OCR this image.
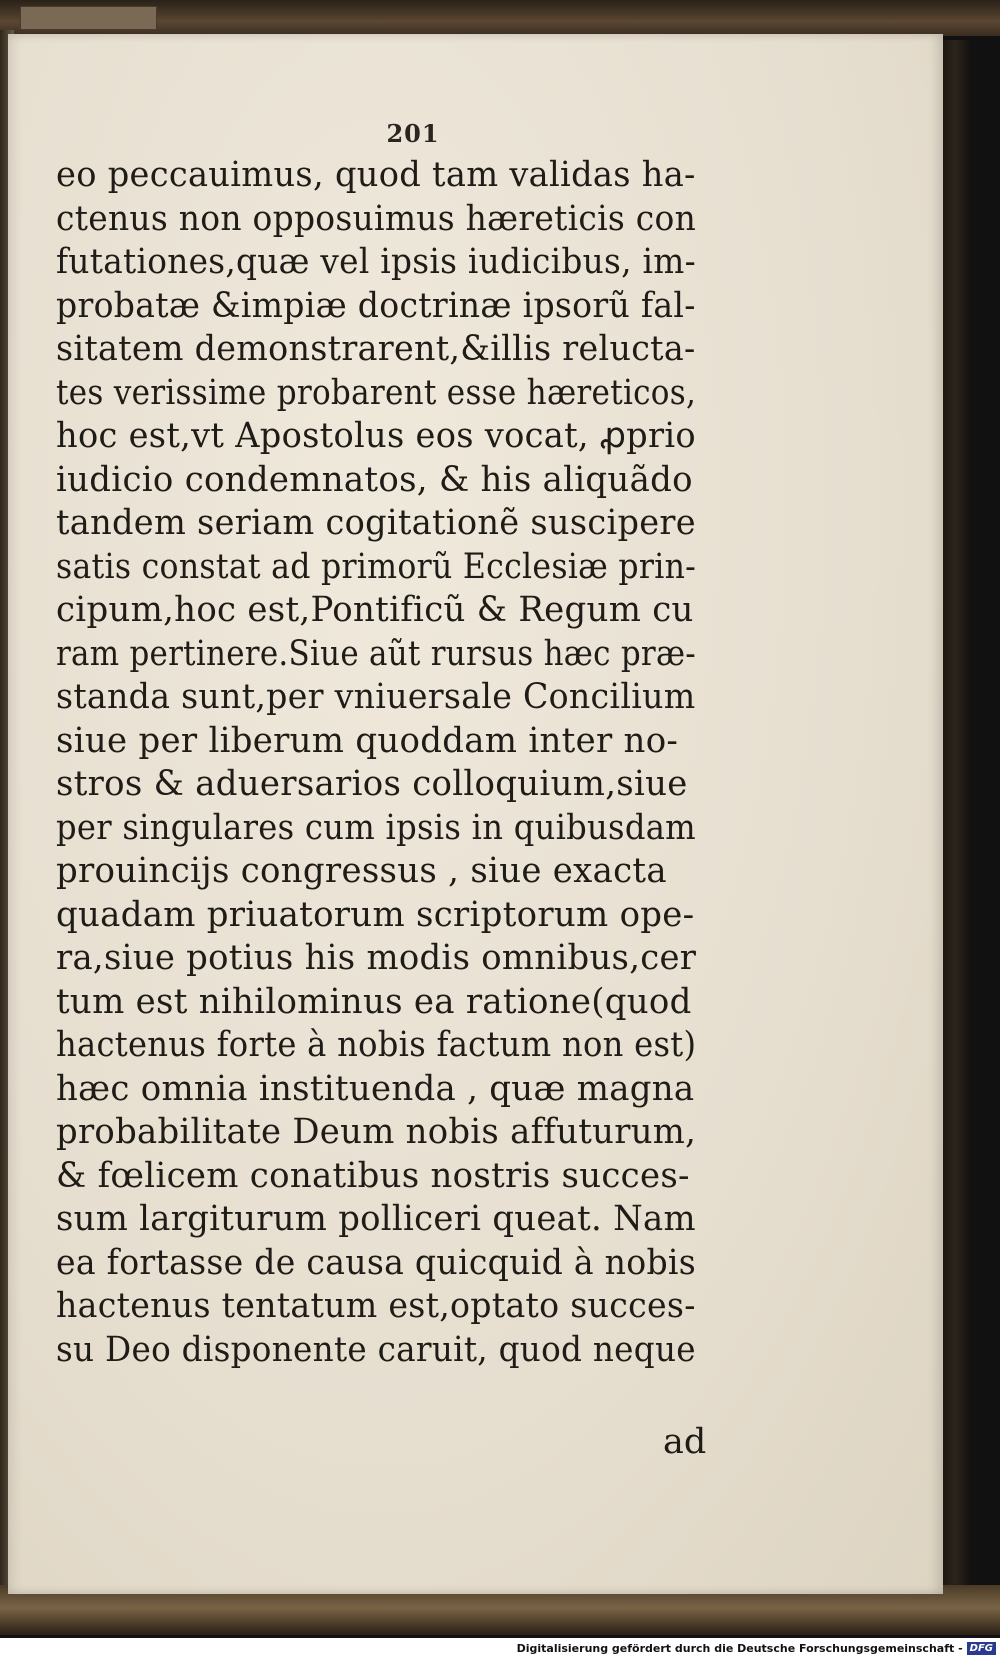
201
eo peccauimus, quod tam validas ha-
ctenus non opposuimus hæreticis con
futationes,quæ vel ipsis iudicibus, im-
probatæ &impiæ doctrinæ ipsorũ fal-
sitatem demonstrarent,&illis relucta-
tes verissime probarent esse hæreticos,
hoc est,vt Apostolus eos vocat, ꝓprio
iudicio condemnatos, & his aliquãdo
tandem seriam cogitationẽ suscipere
satis constat ad primorũ Ecclesiæ prin-
cipum,hoc est,Pontificũ & Regum cu
ram pertinere.Siue aũt rursus hæc præ-
standa sunt,per vniuersale Concilium
siue per liberum quoddam inter no-
stros & aduersarios colloquium,siue
per singulares cum ipsis in quibusdam
prouincijs congressus , siue exacta
quadam priuatorum scriptorum ope-
ra,siue potius his modis omnibus,cer
tum est nihilominus ea ratione(quod
hactenus forte à nobis factum non est)
hæc omnia instituenda , quæ magna
probabilitate Deum nobis affuturum,
& fœlicem conatibus nostris succes-
sum largiturum polliceri queat. Nam
ea fortasse de causa quicquid à nobis
hactenus tentatum est,optato succes-
su Deo disponente caruit, quod neque
ad
Digitalisierung gefördert durch die Deutsche Forschungsgemeinschaft - DFG
